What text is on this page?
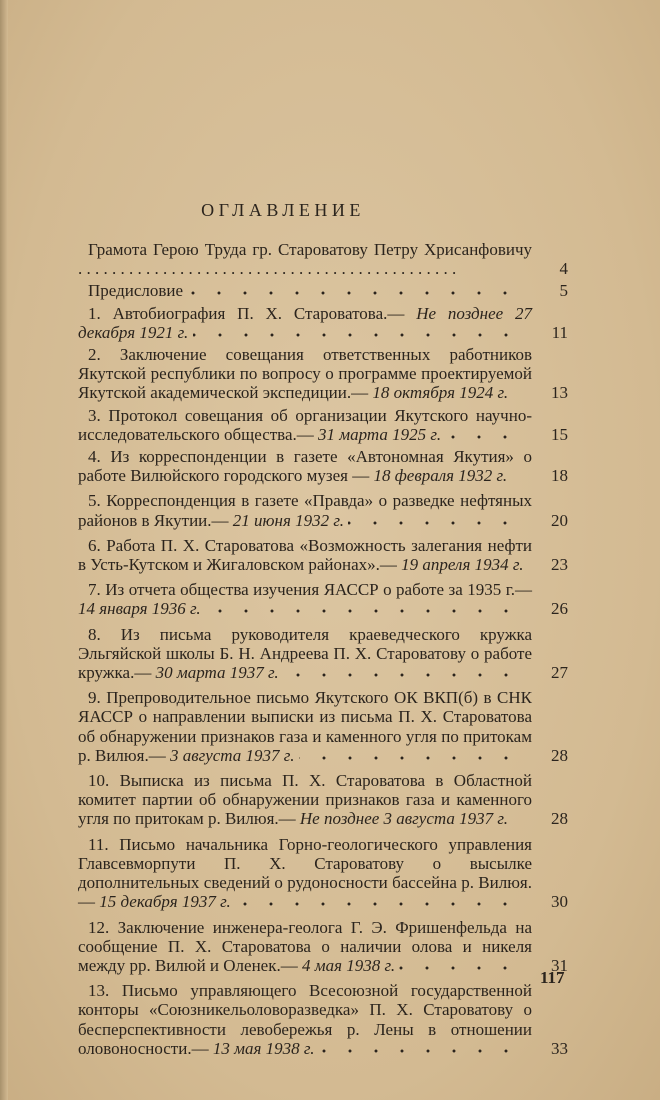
ОГЛАВЛЕНИЕ
Грамота Герою Труда гр. Староватову Петру Хрисанфовичу . . . . . . . . . . . . . . . . . . . . . . . . . . . . . . . . . . . . . . . . . . . . .	4
Предисловие	5
1. Автобиография П. Х. Староватова.— Не позднее 27 декабря 1921 г.	11
2. Заключение совещания ответственных работников Якутской республики по вопросу о программе проектируемой Якутской академической экспедиции.— 18 октября 1924 г.	13
3. Протокол совещания об организации Якутского научно-исследовательского общества.— 31 марта 1925 г.	15
4. Из корреспонденции в газете «Автономная Якутия» о работе Вилюйского городского музея — 18 февраля 1932 г.	18
5. Корреспонденция в газете «Правда» о разведке нефтяных районов в Якутии.— 21 июня 1932 г.	20
6. Работа П. Х. Староватова «Возможность залегания нефти в Усть-Кутском и Жигаловском районах».— 19 апреля 1934 г.	23
7. Из отчета общества изучения ЯАССР о работе за 1935 г.— 14 января 1936 г.	26
8. Из письма руководителя краеведческого кружка Эльгяйской школы Б. Н. Андреева П. Х. Староватову о работе кружка.— 30 марта 1937 г.	27
9. Препроводительное письмо Якутского ОК ВКП(б) в СНК ЯАССР о направлении выписки из письма П. Х. Староватова об обнаружении признаков газа и каменного угля по притокам р. Вилюя.— 3 августа 1937 г.	28
10. Выписка из письма П. Х. Староватова в Областной комитет партии об обнаружении признаков газа и каменного угля по притокам р. Вилюя.— Не позднее 3 августа 1937 г.	28
11. Письмо начальника Горно-геологического управления Главсевморпути П. Х. Староватову о высылке дополнительных сведений о рудоносности бассейна р. Вилюя.— 15 декабря 1937 г.	30
12. Заключение инженера-геолога Г. Э. Фришенфельда на сообщение П. Х. Староватова о наличии олова и никеля между рр. Вилюй и Оленек.— 4 мая 1938 г.	31
13. Письмо управляющего Всесоюзной государственной конторы «Союзникельоловоразведка» П. Х. Староватову о бесперспективности левобережья р. Лены в отношении оловоносности.— 13 мая 1938 г.	33
117
